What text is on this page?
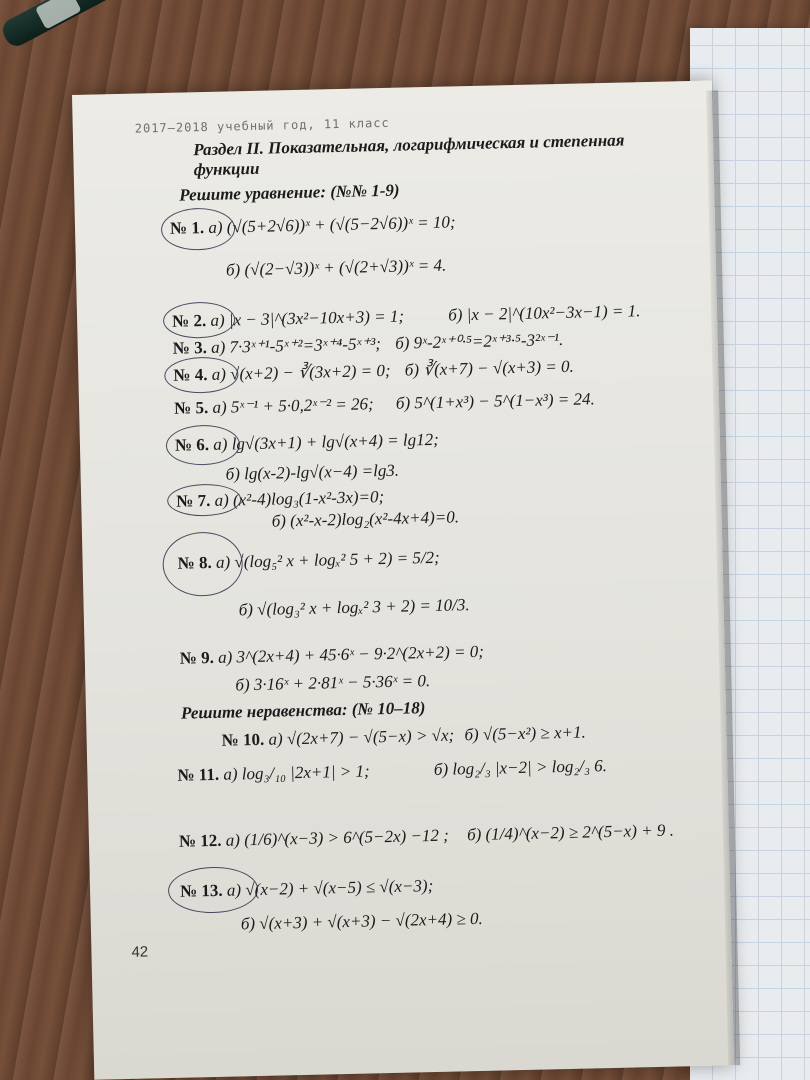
2017–2018 учебный год, 11 класс
Раздел II. Показательная, логарифмическая и степенная функции
Решите уравнение: (№№ 1-9)
№ 1. а) (√(5+2√6))ˣ + (√(5−2√6))ˣ = 10;
б) (√(2−√3))ˣ + (√(2+√3))ˣ = 4.
№ 2. а) |x − 3|^(3x²−10x+3) = 1;	б) |x − 2|^(10x²−3x−1) = 1.
№ 3. а) 7·3ˣ⁺¹-5ˣ⁺²=3ˣ⁺⁴-5ˣ⁺³; б) 9ˣ-2ˣ⁺⁰·⁵=2ˣ⁺³·⁵-3²ˣ⁻¹.
№ 4. а) √(x+2) − ∛(3x+2) = 0; б) ∛(x+7) − √(x+3) = 0.
№ 5. а) 5ˣ⁻¹ + 5·0,2ˣ⁻² = 26; б) 5^(1+x³) − 5^(1−x³) = 24.
№ 6. а) lg√(3x+1) + lg√(x+4) = lg12;
б) lg(x-2)-lg√(x−4) =lg3.
№ 7. а) (x²-4)log₃(1-x²-3x)=0;
б) (x²-x-2)log₂(x²-4x+4)=0.
№ 8. а) √(log₅² x + logₓ² 5 + 2) = 5/2;
б) √(log₃² x + logₓ² 3 + 2) = 10/3.
№ 9. а) 3^(2x+4) + 45·6ˣ − 9·2^(2x+2) = 0;
б) 3·16ˣ + 2·81ˣ − 5·36ˣ = 0.
Решите неравенства: (№ 10–18)
№ 10. а) √(2x+7) − √(5−x) > √x; б) √(5−x²) ≥ x+1.
№ 11. а) log₃/₁₀ |2x+1| > 1;	б) log₂/₃ |x−2| > log₂/₃ 6.
№ 12. а) (1/6)^(x−3) > 6^(5−2x) −12 ; б) (1/4)^(x−2) ≥ 2^(5−x) + 9 .
№ 13. а) √(x−2) + √(x−5) ≤ √(x−3);
б) √(x+3) + √(x+3) − √(2x+4) ≥ 0.
42
